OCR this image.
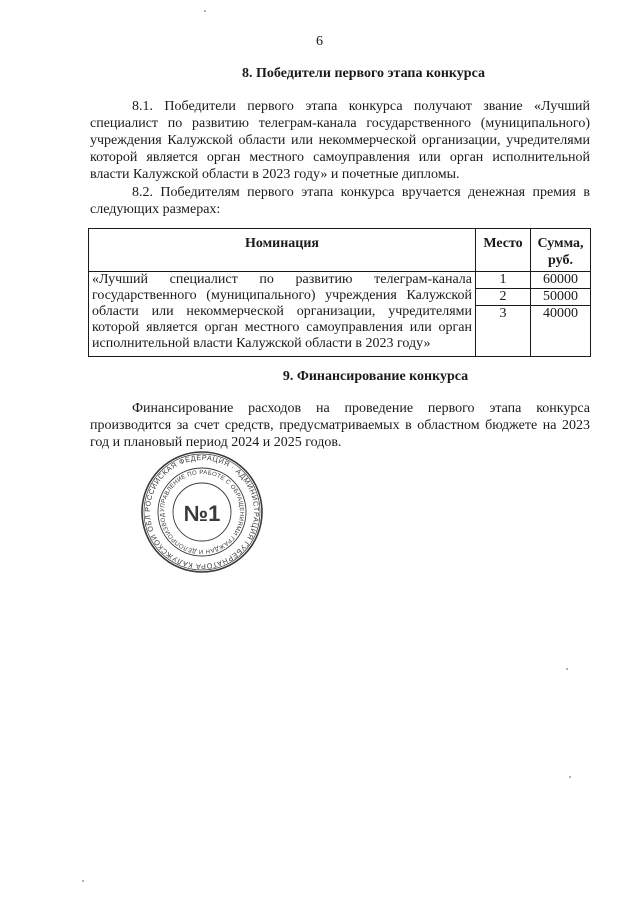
6
8. Победители первого этапа конкурса

8.1. Победители первого этапа конкурса получают звание «Лучший специалист по развитию телеграм-канала государственного (муниципального) учреждения Калужской области или некоммерческой организации, учредителями которой является орган местного самоуправления или орган исполнительной власти Калужской области в 2023 году» и почетные дипломы.

8.2. Победителям первого этапа конкурса вручается денежная премия в следующих размерах:

Номинация	Место	Сумма, руб.
«Лучший специалист по развитию телеграм-канала государственного (муниципального) учреждения Калужской области или некоммерческой организации, учредителями которой является орган местного самоуправления или орган исполнительной власти Калужской области в 2023 году»	1	60000
	2	50000
	3	40000
9. Финансирование конкурса

Финансирование расходов на проведение первого этапа конкурса производится за счет средств, предусматриваемых в областном бюджете на 2023 год и плановый период 2024 и 2025 годов.

РОССИЙСКАЯ ФЕДЕРАЦИЯ · АДМИНИСТРАЦИЯ ГУБЕРНАТОРА КАЛУЖСКОЙ ОБЛ
УПРАВЛЕНИЕ ПО РАБОТЕ С ОБРАЩЕНИЯМИ ГРАЖДАН И ДЕЛОПРОИЗВОД №1
